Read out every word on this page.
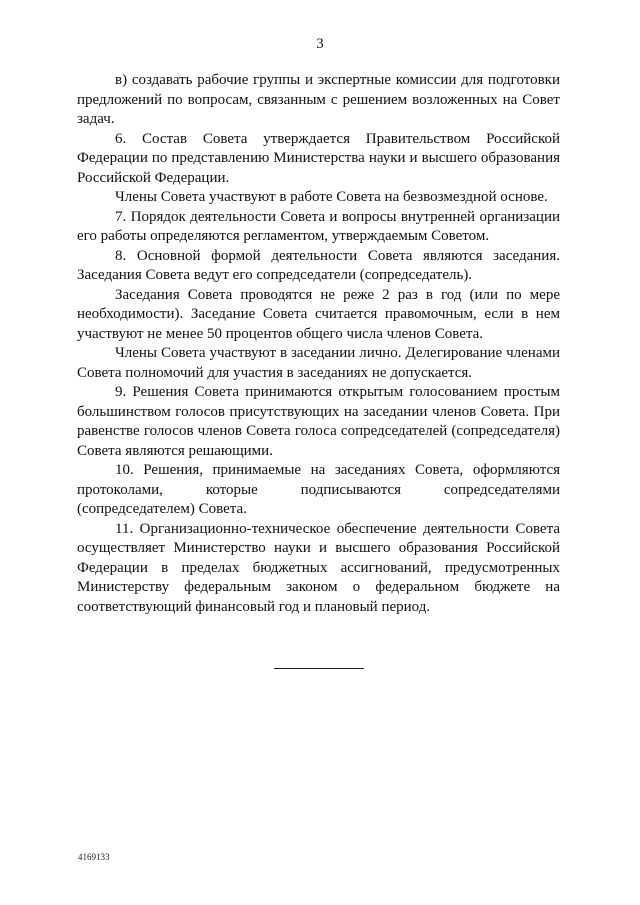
3

в) создавать рабочие группы и экспертные комиссии для подготовки предложений по вопросам, связанным с решением возложенных на Совет задач.

6. Состав Совета утверждается Правительством Российской Федерации по представлению Министерства науки и высшего образования Российской Федерации.

Члены Совета участвуют в работе Совета на безвозмездной основе.

7. Порядок деятельности Совета и вопросы внутренней организации его работы определяются регламентом, утверждаемым Советом.

8. Основной формой деятельности Совета являются заседания. Заседания Совета ведут его сопредседатели (сопредседатель).

Заседания Совета проводятся не реже 2 раз в год (или по мере необходимости). Заседание Совета считается правомочным, если в нем участвуют не менее 50 процентов общего числа членов Совета.

Члены Совета участвуют в заседании лично. Делегирование членами Совета полномочий для участия в заседаниях не допускается.

9. Решения Совета принимаются открытым голосованием простым большинством голосов присутствующих на заседании членов Совета. При равенстве голосов членов Совета голоса сопредседателей (сопредседателя) Совета являются решающими.

10. Решения, принимаемые на заседаниях Совета, оформляются протоколами, которые подписываются сопредседателями (сопредседателем) Совета.

11. Организационно-техническое обеспечение деятельности Совета осуществляет Министерство науки и высшего образования Российской Федерации в пределах бюджетных ассигнований, предусмотренных Министерству федеральным законом о федеральном бюджете на соответствующий финансовый год и плановый период.

4169133
